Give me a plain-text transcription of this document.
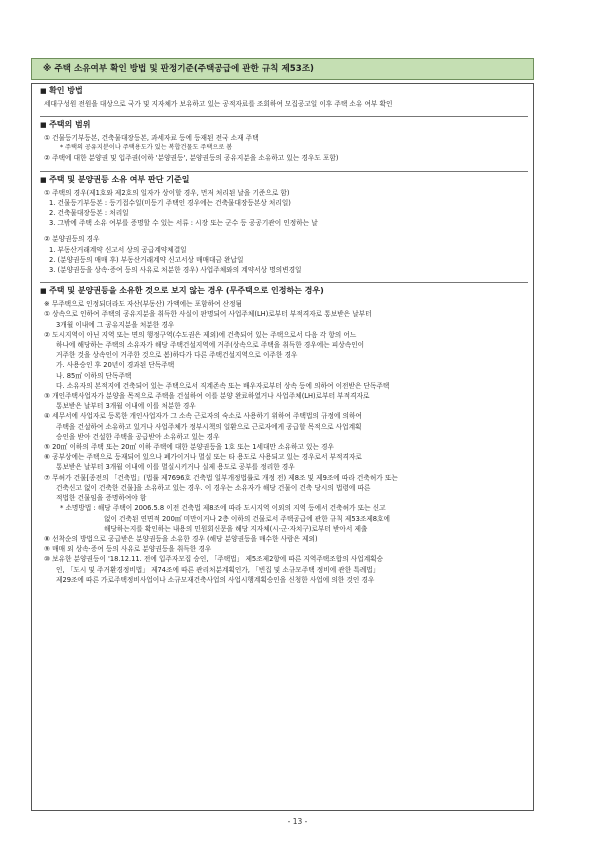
※ 주택 소유여부 확인 방법 및 판정기준(주택공급에 관한 규칙 제53조)
■ 확인 방법
세대구성원 전원을 대상으로 국가 및 지자체가 보유하고 있는 공적자료를 조회하여 모집공고일 이후 주택 소유 여부 확인
■ 주택의 범위
① 건물등기부등본, 건축물대장등본, 과세자료 등에 등재된 전국 소재 주택
* 주택의 공유지분이나 주택용도가 있는 복합건물도 주택으로 봄
② 주택에 대한 분양권 및 입주권(이하 '분양권등', 분양권등의 공유지분을 소유하고 있는 경우도 포함)
■ 주택 및 분양권등 소유 여부 판단 기준일
① 주택의 경우(제1호와 제2호의 일자가 상이할 경우, 먼저 처리된 날을 기준으로 함)
1. 건물등기부등본 : 등기접수일(미등기 주택인 경우에는 건축물대장등본상 처리일)
2. 건축물대장등본 : 처리일
3. 그밖에 주택 소유 여부를 증명할 수 있는 서류 : 시장 또는 군수 등 공공기관이 인정하는 날
② 분양권등의 경우
1. 부동산거래계약 신고서 상의 공급계약체결일
2. (분양권등의 매매 후) 부동산거래계약 신고서상 매매대금 완납일
3. (분양권등을 상속·증여 등의 사유로 처분한 경우) 사업주체와의 계약서상 명의변경일
■ 주택 및 분양권등을 소유한 것으로 보지 않는 경우 (무주택으로 인정하는 경우)
※ 무주택으로 인정되더라도 자산(부동산) 가액에는 포함하여 산정됨
① 상속으로 인하여 주택의 공유지분을 취득한 사실이 판명되어 사업주체(LH)로부터 부적격자로 통보받은 날부터
3개월 이내에 그 공유지분을 처분한 경우
② 도시지역이 아닌 지역 또는 면의 행정구역(수도권은 제외)에 건축되어 있는 주택으로서 다음 각 항의 어느
하나에 해당하는 주택의 소유자가 해당 주택건설지역에 거주(상속으로 주택을 취득한 경우에는 피상속인이
거주한 것을 상속인이 거주한 것으로 봄)하다가 다른 주택건설지역으로 이주한 경우
가. 사용승인 후 20년이 경과된 단독주택
나. 85㎡ 이하의 단독주택
다. 소유자의 본적지에 건축되어 있는 주택으로서 직계존속 또는 배우자로부터 상속 등에 의하여 이전받은 단독주택
③ 개인주택사업자가 분양을 목적으로 주택을 건설하여 이를 분양 완료하였거나 사업주체(LH)로부터 부적격자로
통보받은 날부터 3개월 이내에 이를 처분한 경우
④ 세무서에 사업자로 등록한 개인사업자가 그 소속 근로자의 숙소로 사용하기 위하여 주택법의 규정에 의하여
주택을 건설하여 소유하고 있거나 사업주체가 정부시책의 일환으로 근로자에게 공급할 목적으로 사업계획
승인을 받아 건설한 주택을 공급받아 소유하고 있는 경우
⑤ 20㎡ 이하의 주택 또는 20㎡ 이하 주택에 대한 분양권등을 1호 또는 1세대만 소유하고 있는 경우
⑥ 공부상에는 주택으로 등재되어 있으나 폐가이거나 멸실 또는 타 용도로 사용되고 있는 경우로서 부적격자로
통보받은 날부터 3개월 이내에 이를 멸실시키거나 실제 용도로 공부를 정리한 경우
⑦ 무허가 건물[종전의 「건축법」(법률 제7696호 건축법 일부개정법률로 개정 전) 제8조 및 제9조에 따라 건축허가 또는
건축신고 없이 건축한 건물]을 소유하고 있는 경우. 이 경우는 소유자가 해당 건물이 건축 당시의 법령에 따른
적법한 건물임을 증명하여야 함
* 소명방법 : 해당 주택이 2006.5.8 이전 건축법 제8조에 따라 도시지역 이외의 지역 등에서 건축허가 또는 신고
없이 건축된 연면적 200㎡ 미만이거나 2층 이하의 건물로서 주택공급에 관한 규칙 제53조제8호에
해당하는지를 확인하는 내용의 민원회신문을 해당 지자체(시·군·자치구)로부터 받아서 제출
⑧ 선착순의 방법으로 공급받은 분양권등을 소유한 경우 (해당 분양권등을 매수한 사람은 제외)
⑨ 매매 외 상속·증여 등의 사유로 분양권등을 취득한 경우
⑩ 보유한 분양권등이 '18.12.11. 전에 입주자모집 승인, 「주택법」 제5조제2항에 따른 지역주택조합의 사업계획승
인, 「도시 및 주거환경정비법」 제74조에 따른 관리처분계획인가, 「빈집 및 소규모주택 정비에 관한 특례법」
제29조에 따른 가로주택정비사업이나 소규모재건축사업의 사업시행계획승인을 신청한 사업에 의한 것인 경우
- 13 -
